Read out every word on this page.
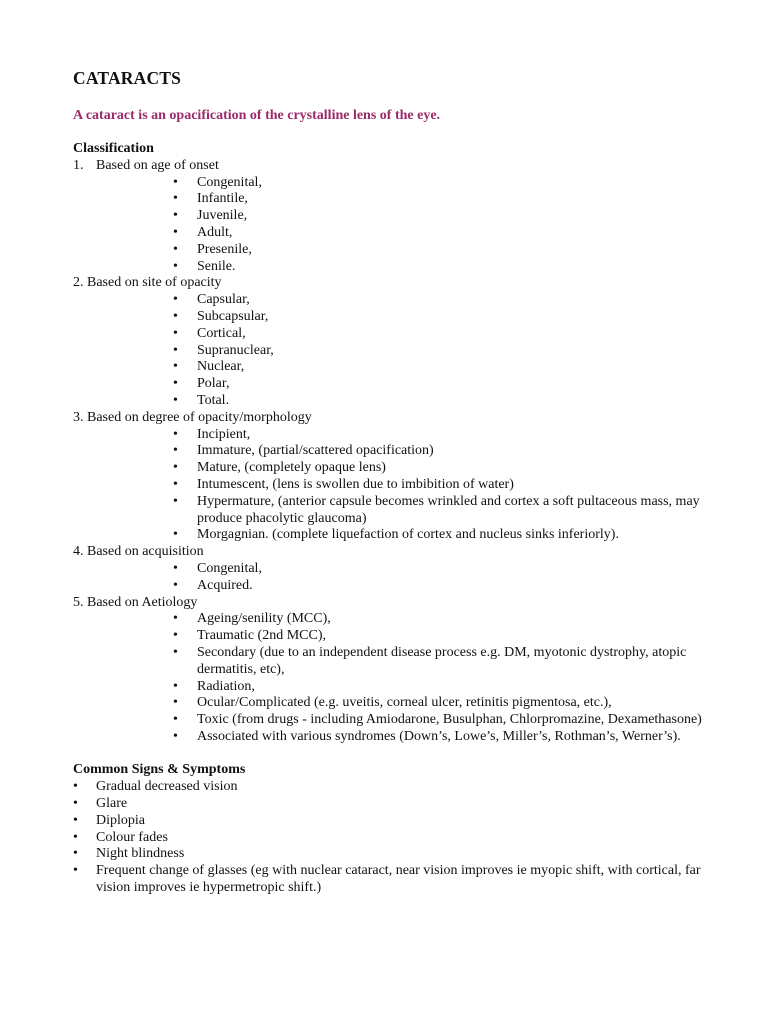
CATARACTS

A cataract is an opacification of the crystalline lens of the eye.

Classification

1. Based on age of onset
• Congenital,
• Infantile,
• Juvenile,
• Adult,
• Presenile,
• Senile.
2. Based on site of opacity
• Capsular,
• Subcapsular,
• Cortical,
• Supranuclear,
• Nuclear,
• Polar,
• Total.
3. Based on degree of opacity/morphology
• Incipient,
• Immature, (partial/scattered opacification)
• Mature, (completely opaque lens)
• Intumescent, (lens is swollen due to imbibition of water)
• Hypermature, (anterior capsule becomes wrinkled and cortex a soft pultaceous mass, may produce phacolytic glaucoma)
• Morgagnian. (complete liquefaction of cortex and nucleus sinks inferiorly).
4. Based on acquisition
• Congenital,
• Acquired.
5. Based on Aetiology
• Ageing/senility (MCC),
• Traumatic (2nd MCC),
• Secondary (due to an independent disease process e.g. DM, myotonic dystrophy, atopic dermatitis, etc),
• Radiation,
• Ocular/Complicated (e.g. uveitis, corneal ulcer, retinitis pigmentosa, etc.),
• Toxic (from drugs - including Amiodarone, Busulphan, Chlorpromazine, Dexamethasone)
• Associated with various syndromes (Down’s, Lowe’s, Miller’s, Rothman’s, Werner’s).

Common Signs & Symptoms

• Gradual decreased vision
• Glare
• Diplopia
• Colour fades
• Night blindness
• Frequent change of glasses (eg with nuclear cataract, near vision improves ie myopic shift, with cortical, far vision improves ie hypermetropic shift.)
